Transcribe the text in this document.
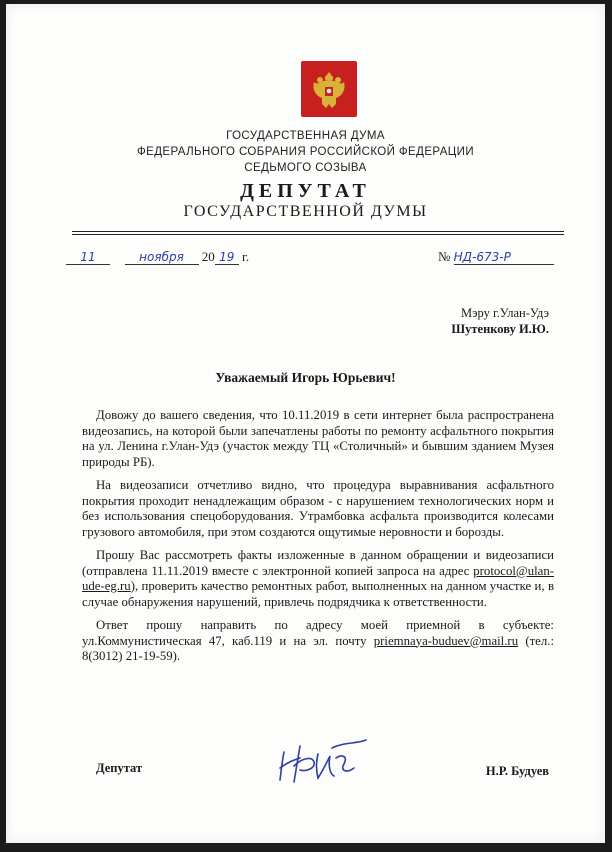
ГОСУДАРСТВЕННАЯ ДУМА
ФЕДЕРАЛЬНОГО СОБРАНИЯ РОССИЙСКОЙ ФЕДЕРАЦИИ
СЕДЬМОГО СОЗЫВА
ДЕПУТАТ
ГОСУДАРСТВЕННОЙ ДУМЫ
11	ноября 20 19 г.	№ НД-673-Р
Мэру г.Улан-Удэ
Шутенкову И.Ю.
Уважаемый Игорь Юрьевич!

Довожу до вашего сведения, что 10.11.2019 в сети интернет была распространена видеозапись, на которой были запечатлены работы по ремонту асфальтного покрытия на ул. Ленина г.Улан-Удэ (участок между ТЦ «Столичный» и бывшим зданием Музея природы РБ).

На видеозаписи отчетливо видно, что процедура выравнивания асфальтного покрытия проходит ненадлежащим образом - с нарушением технологических норм и без использования спецоборудования. Утрамбовка асфальта производится колесами грузового автомобиля, при этом создаются ощутимые неровности и борозды.

Прошу Вас рассмотреть факты изложенные в данном обращении и видеозаписи (отправлена 11.11.2019 вместе с электронной копией запроса на адрес protocol@ulan-ude-eg.ru), проверить качество ремонтных работ, выполненных на данном участке и, в случае обнаружения нарушений, привлечь подрядчика к ответственности.

Ответ прошу направить по адресу моей приемной в субъекте: ул.Коммунистическая 47, каб.119 и на эл. почту priemnaya-buduev@mail.ru (тел.: 8(3012) 21-19-59).

Депутат	Н.Р. Будуев
